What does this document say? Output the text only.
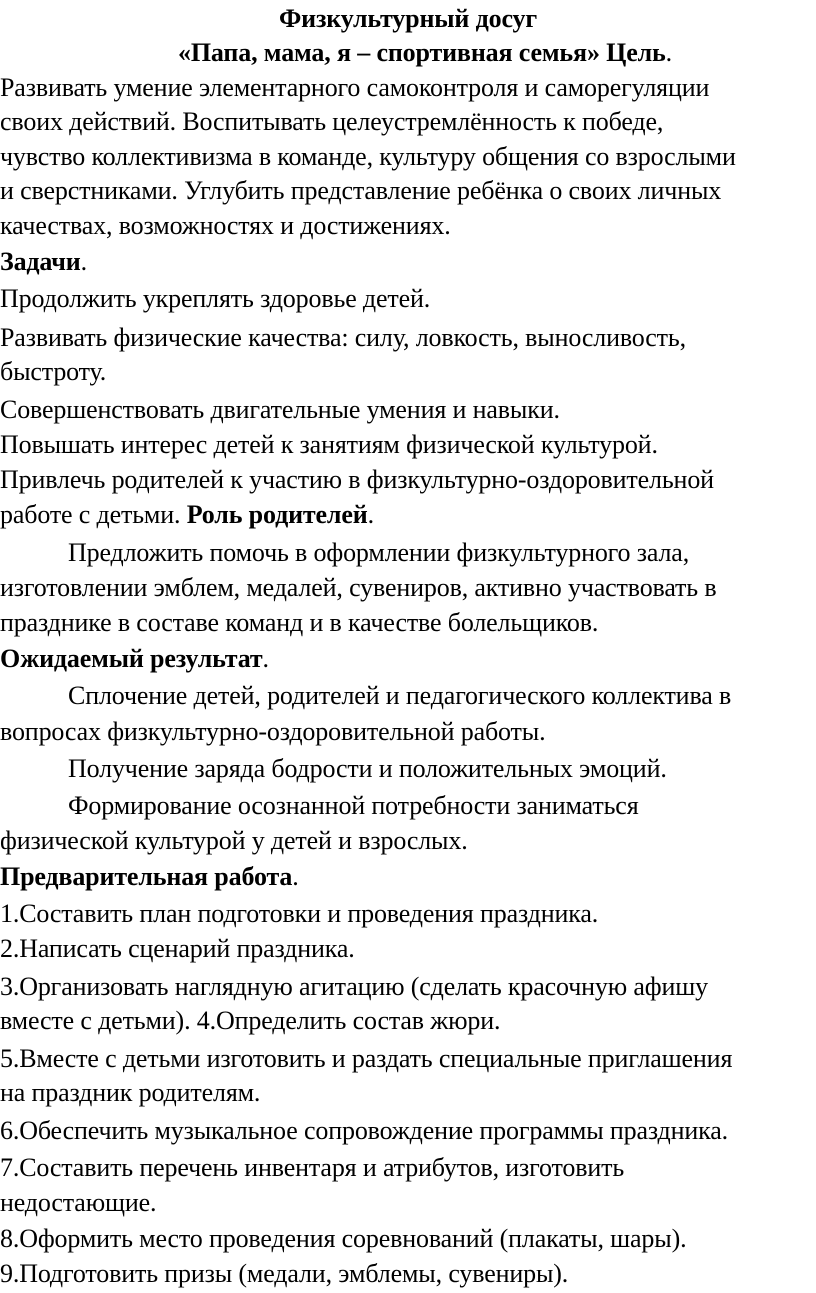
Физкультурный досуг
«Папа, мама, я – спортивная семья» Цель.
Развивать умение элементарного самоконтроля и саморегуляции
своих действий. Воспитывать целеустремлённость к победе,
чувство коллективизма в команде, культуру общения со взрослыми
и сверстниками. Углубить представление ребёнка о своих личных
качествах, возможностях и достижениях.
Задачи.
Продолжить укреплять здоровье детей.
Развивать физические качества: силу, ловкость, выносливость,
быстроту.
Совершенствовать двигательные умения и навыки.
Повышать интерес детей к занятиям физической культурой.
Привлечь родителей к участию в физкультурно-оздоровительной
работе с детьми. Роль родителей.
Предложить помочь в оформлении физкультурного зала,
изготовлении эмблем, медалей, сувениров, активно участвовать в
празднике в составе команд и в качестве болельщиков.
Ожидаемый результат.
Сплочение детей, родителей и педагогического коллектива в
вопросах физкультурно-оздоровительной работы.
Получение заряда бодрости и положительных эмоций.
Формирование осознанной потребности заниматься
физической культурой у детей и взрослых.
Предварительная работа.
1.Составить план подготовки и проведения праздника.
2.Написать сценарий праздника.
3.Организовать наглядную агитацию (сделать красочную афишу
вместе с детьми). 4.Определить состав жюри.
5.Вместе с детьми изготовить и раздать специальные приглашения
на праздник родителям.
6.Обеспечить музыкальное сопровождение программы праздника.
7.Составить перечень инвентаря и атрибутов, изготовить
недостающие.
8.Оформить место проведения соревнований (плакаты, шары).
9.Подготовить призы (медали, эмблемы, сувениры).
